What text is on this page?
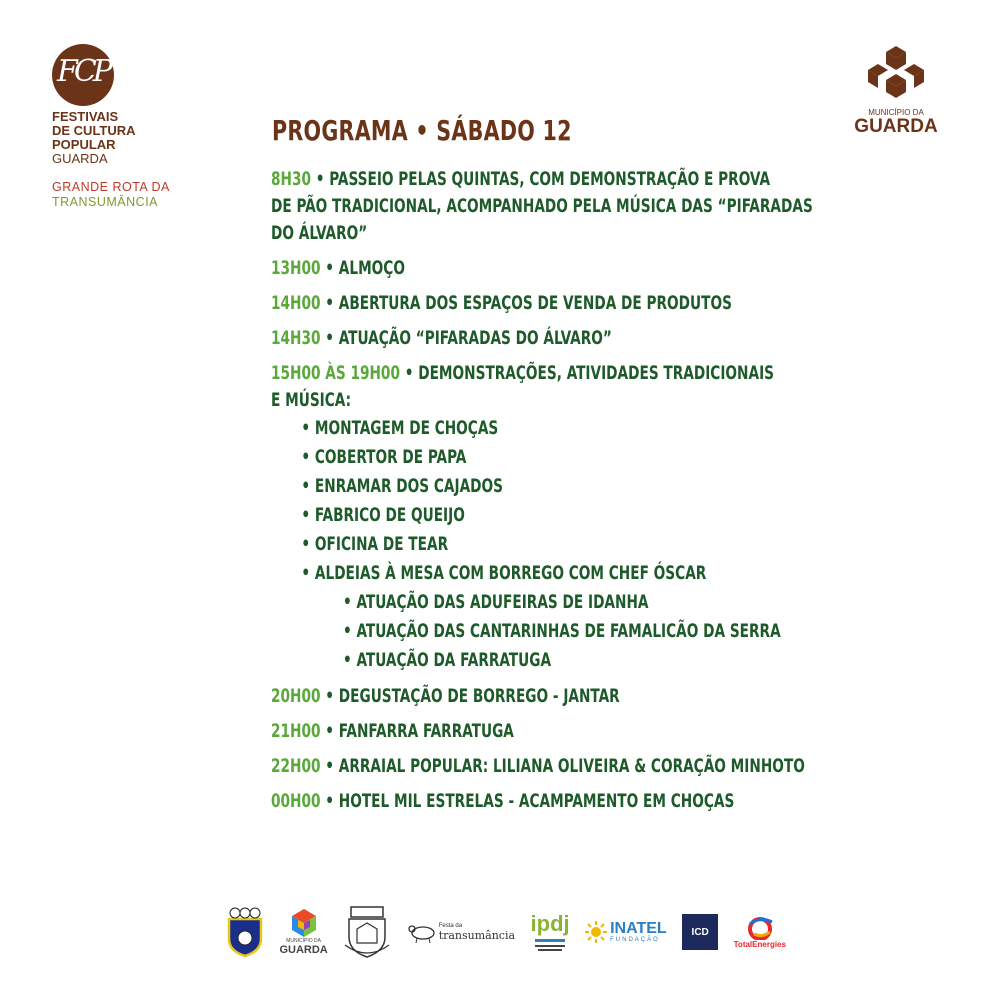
FCP
FESTIVAIS
DE CULTURA
POPULAR
GUARDA
GRANDE ROTA DA
TRANSUMÂNCIA
MUNICÍPIO DA
GUARDA
PROGRAMA • SÁBADO 12
8H30 • PASSEIO PELAS QUINTAS, COM DEMONSTRAÇÃO E PROVA
DE PÃO TRADICIONAL, ACOMPANHADO PELA MÚSICA DAS “PIFARADAS
DO ÁLVARO”
13H00 • ALMOÇO
14H00 • ABERTURA DOS ESPAÇOS DE VENDA DE PRODUTOS
14H30 • ATUAÇÃO “PIFARADAS DO ÁLVARO”
15H00 ÀS 19H00 • DEMONSTRAÇÕES, ATIVIDADES TRADICIONAIS
E MÚSICA:
• MONTAGEM DE CHOÇAS
• COBERTOR DE PAPA
• ENRAMAR DOS CAJADOS
• FABRICO DE QUEIJO
• OFICINA DE TEAR
• ALDEIAS À MESA COM BORREGO COM CHEF ÓSCAR
• ATUAÇÃO DAS ADUFEIRAS DE IDANHA
• ATUAÇÃO DAS CANTARINHAS DE FAMALICÃO DA SERRA
• ATUAÇÃO DA FARRATUGA
20H00 • DEGUSTAÇÃO DE BORREGO - JANTAR
21H00 • FANFARRA FARRATUGA
22H00 • ARRAIAL POPULAR: LILIANA OLIVEIRA & CORAÇÃO MINHOTO
00H00 • HOTEL MIL ESTRELAS - ACAMPAMENTO EM CHOÇAS
MUNICÍPIO DA
GUARDA
Festa da
transumância ipdj	INATEL
FUNDAÇÃO
ICD
TotalEnergies
